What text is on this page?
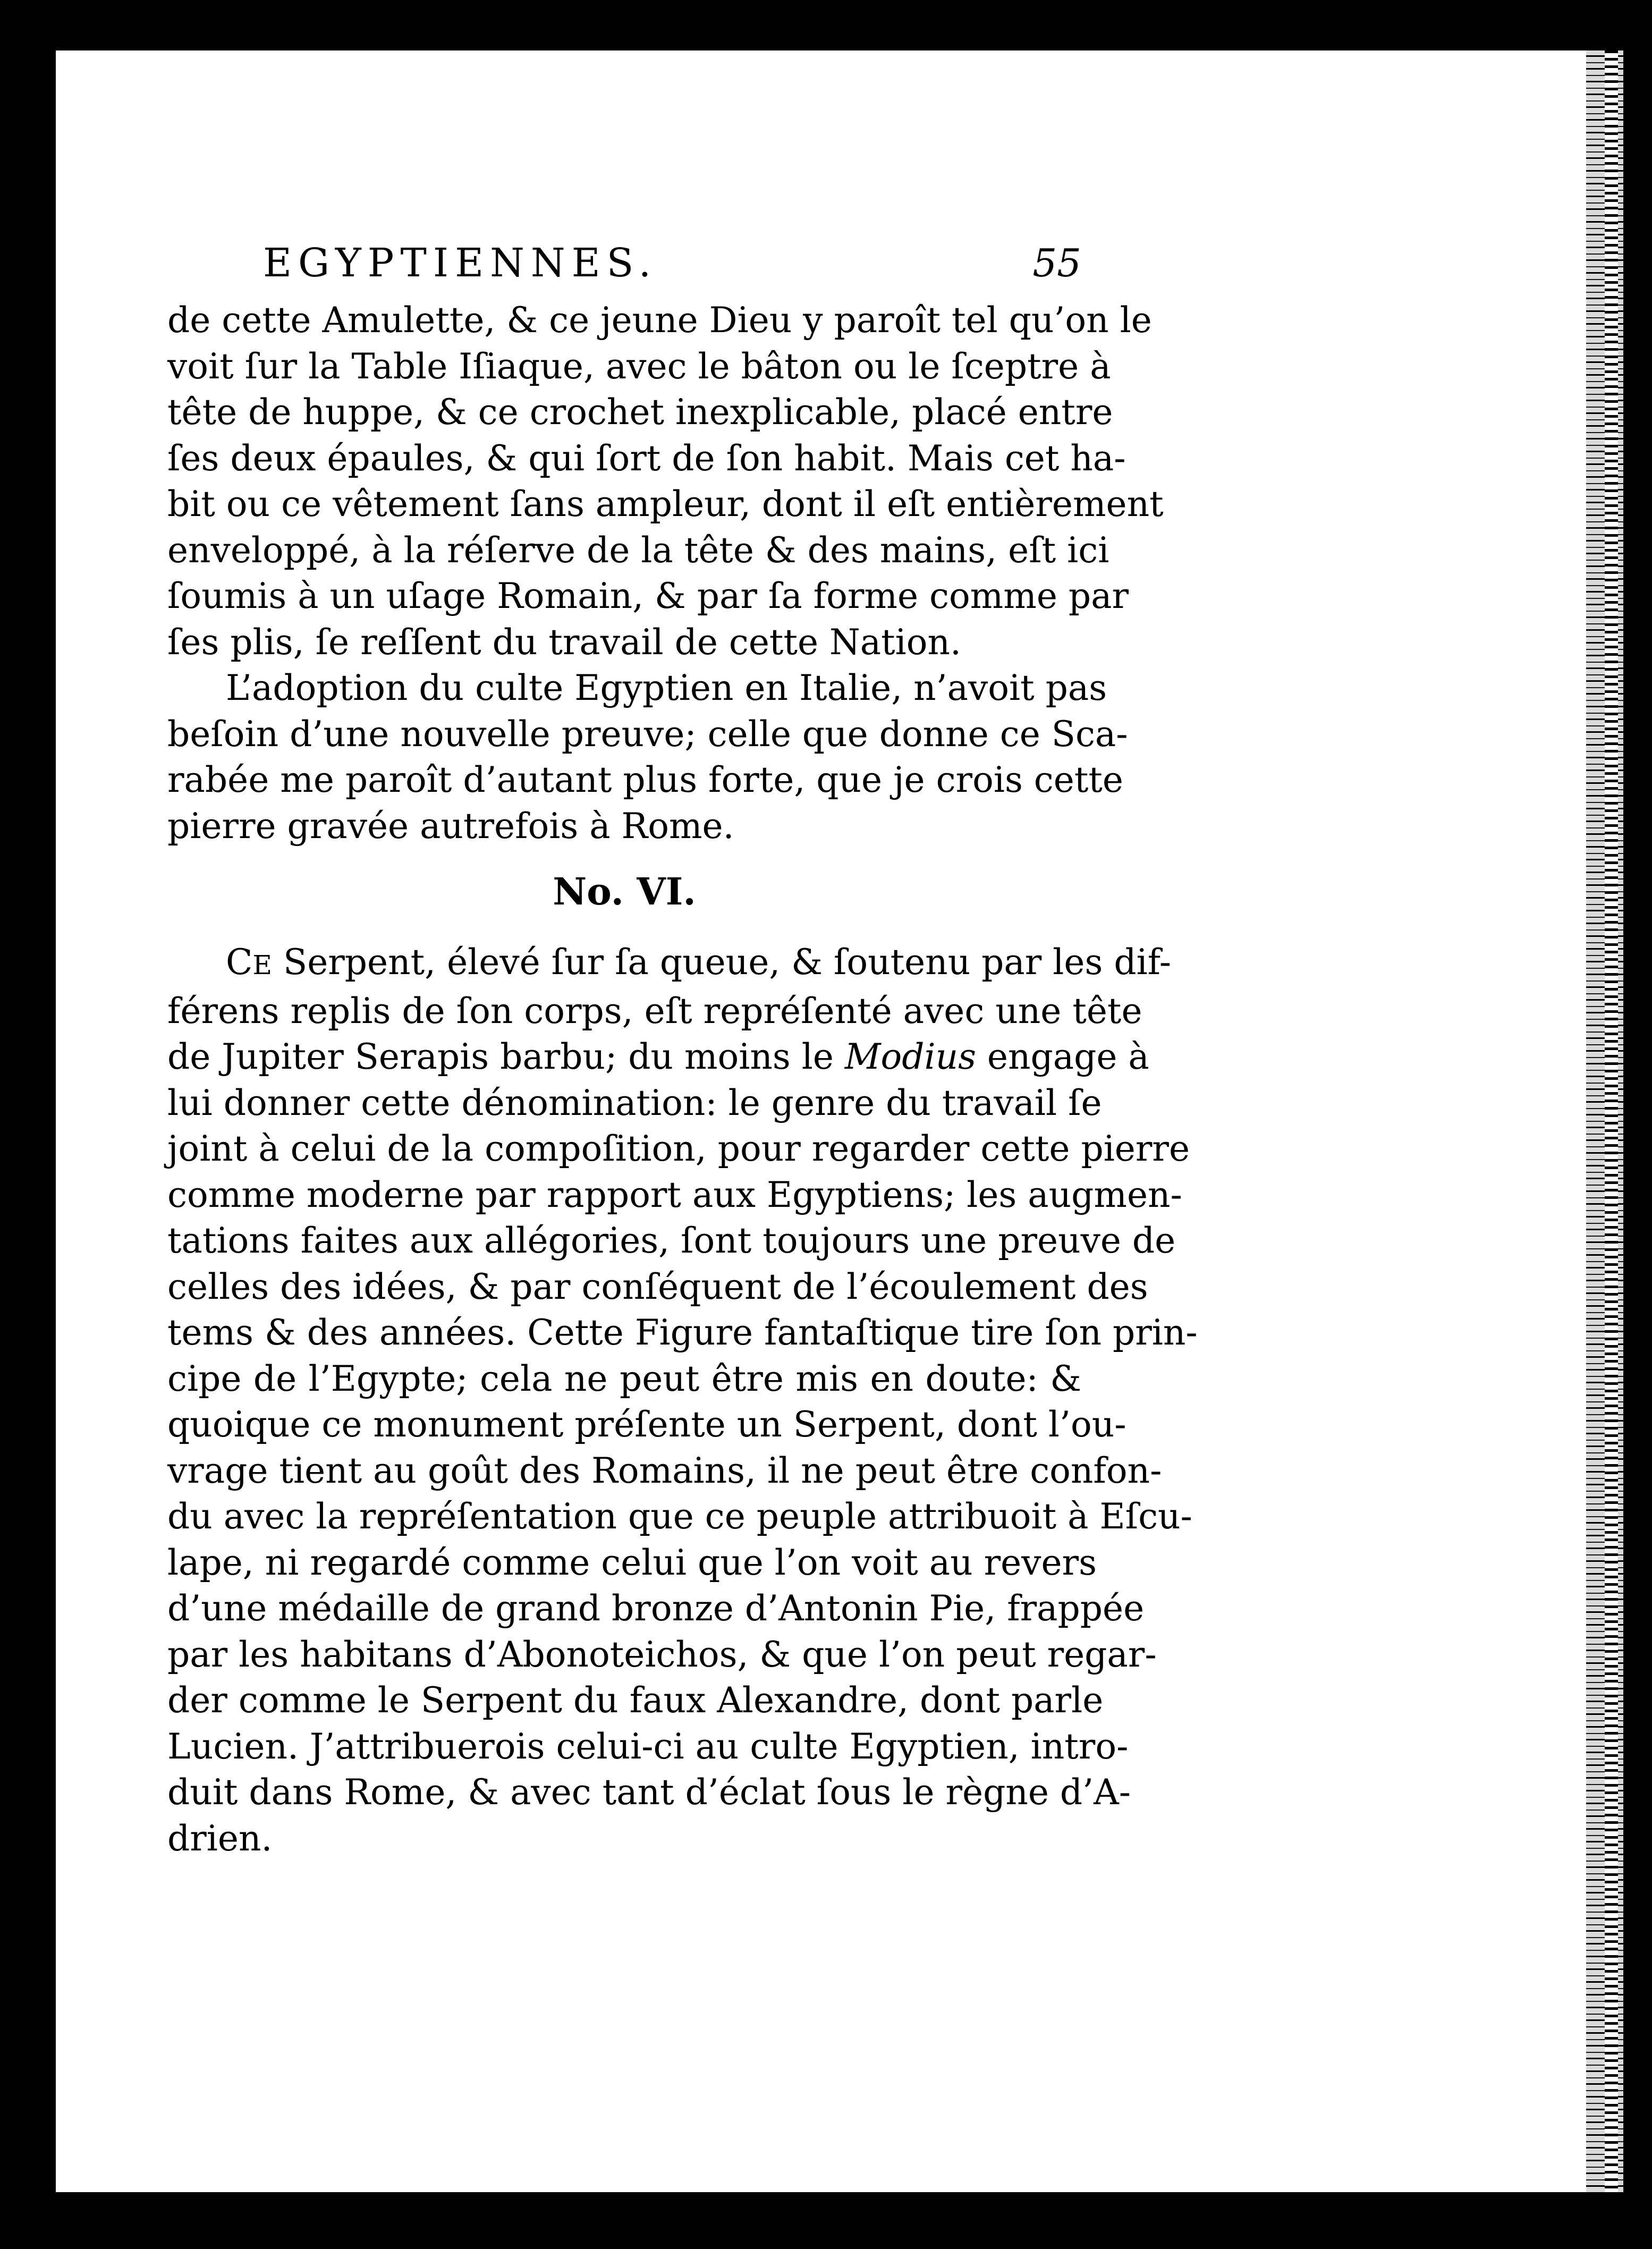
EGYPTIENNES.	55
de cette Amulette, & ce jeune Dieu y paroît tel qu’on le
voit ſur la Table Iſiaque, avec le bâton ou le ſceptre à
tête de huppe, & ce crochet inexplicable, placé entre
ſes deux épaules, & qui ſort de ſon habit. Mais cet ha-
bit ou ce vêtement ſans ampleur, dont il eſt entièrement
enveloppé, à la réſerve de la tête & des mains, eſt ici
ſoumis à un uſage Romain, & par ſa forme comme par
ſes plis, ſe reſſent du travail de cette Nation.
L’adoption du culte Egyptien en Italie, n’avoit pas
beſoin d’une nouvelle preuve; celle que donne ce Sca-
rabée me paroît d’autant plus forte, que je crois cette
pierre gravée autrefois à Rome.
No. VI.
CE Serpent, élevé ſur ſa queue, & ſoutenu par les dif-
férens replis de ſon corps, eſt repréſenté avec une tête
de Jupiter Serapis barbu; du moins le Modius engage à
lui donner cette dénomination: le genre du travail ſe
joint à celui de la compoſition, pour regarder cette pierre
comme moderne par rapport aux Egyptiens; les augmen-
tations faites aux allégories, ſont toujours une preuve de
celles des idées, & par conſéquent de l’écoulement des
tems & des années. Cette Figure fantaſtique tire ſon prin-
cipe de l’Egypte; cela ne peut être mis en doute: &
quoique ce monument préſente un Serpent, dont l’ou-
vrage tient au goût des Romains, il ne peut être confon-
du avec la repréſentation que ce peuple attribuoit à Eſcu-
lape, ni regardé comme celui que l’on voit au revers
d’une médaille de grand bronze d’Antonin Pie, frappée
par les habitans d’Abonoteichos, & que l’on peut regar-
der comme le Serpent du faux Alexandre, dont parle
Lucien. J’attribuerois celui-ci au culte Egyptien, intro-
duit dans Rome, & avec tant d’éclat ſous le règne d’A-
drien.
